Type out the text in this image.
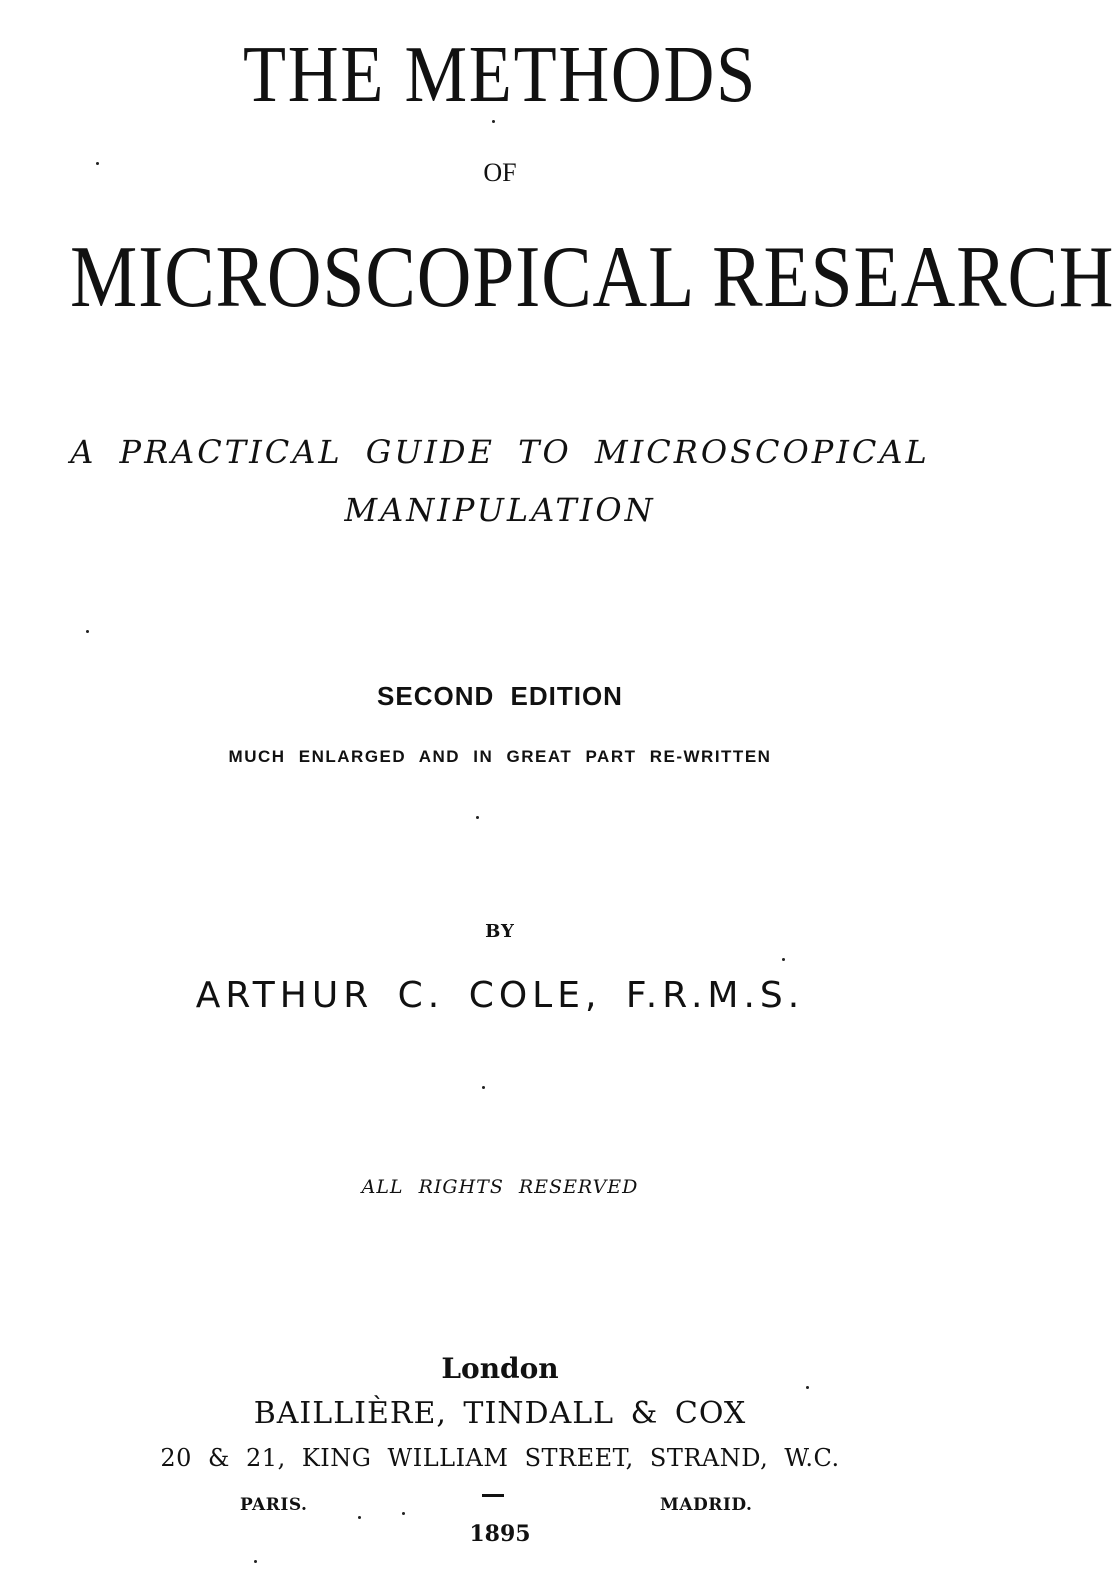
THE METHODS
OF
MICROSCOPICAL RESEARCH
A PRACTICAL GUIDE TO MICROSCOPICAL
MANIPULATION
SECOND EDITION
MUCH ENLARGED AND IN GREAT PART RE-WRITTEN
BY
ARTHUR C. COLE, F.R.M.S.
ALL RIGHTS RESERVED
London
BAILLIÈRE, TINDALL & COX
20 & 21, KING WILLIAM STREET, STRAND, W.C.
PARIS.	MADRID.
1895
